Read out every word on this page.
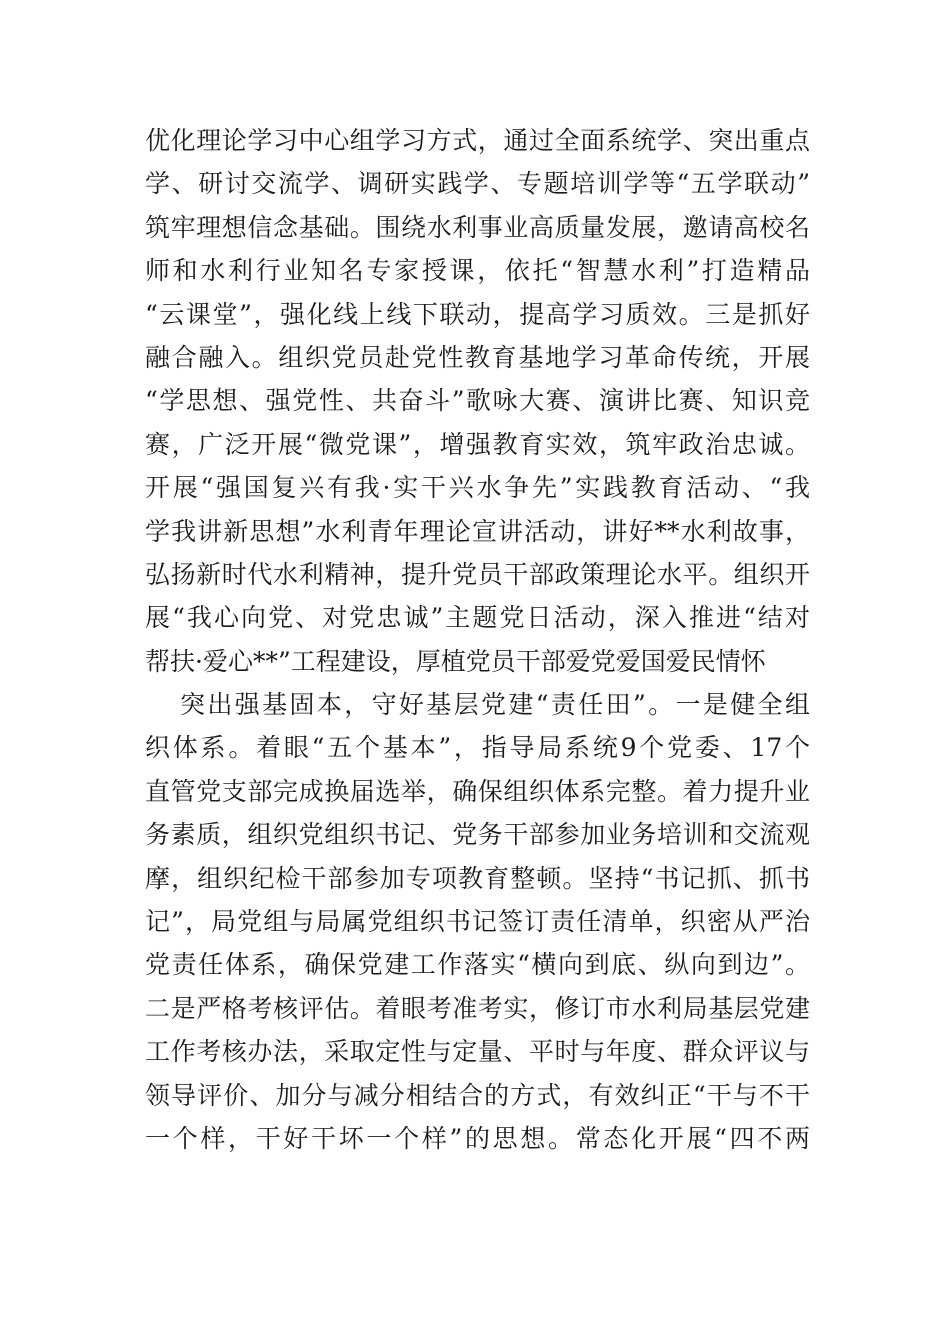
优化理论学习中心组学习方式，通过全面系统学、突出重点
学、研讨交流学、调研实践学、专题培训学等“五学联动”
筑牢理想信念基础。围绕水利事业高质量发展，邀请高校名
师和水利行业知名专家授课，依托“智慧水利”打造精品
“云课堂”，强化线上线下联动，提高学习质效。三是抓好
融合融入。组织党员赴党性教育基地学习革命传统，开展
“学思想、强党性、共奋斗”歌咏大赛、演讲比赛、知识竞
赛，广泛开展“微党课”，增强教育实效，筑牢政治忠诚。
开展“强国复兴有我·实干兴水争先”实践教育活动、“我
学我讲新思想”水利青年理论宣讲活动，讲好**水利故事，
弘扬新时代水利精神，提升党员干部政策理论水平。组织开
展“我心向党、对党忠诚”主题党日活动，深入推进“结对
帮扶·爱心**”工程建设，厚植党员干部爱党爱国爱民情怀
突出强基固本，守好基层党建“责任田”。一是健全组
织体系。着眼“五个基本”，指导局系统9个党委、17个
直管党支部完成换届选举，确保组织体系完整。着力提升业
务素质，组织党组织书记、党务干部参加业务培训和交流观
摩，组织纪检干部参加专项教育整顿。坚持“书记抓、抓书
记”，局党组与局属党组织书记签订责任清单，织密从严治
党责任体系，确保党建工作落实“横向到底、纵向到边”。
二是严格考核评估。着眼考准考实，修订市水利局基层党建
工作考核办法，采取定性与定量、平时与年度、群众评议与
领导评价、加分与减分相结合的方式，有效纠正“干与不干
一个样，干好干坏一个样”的思想。常态化开展“四不两
